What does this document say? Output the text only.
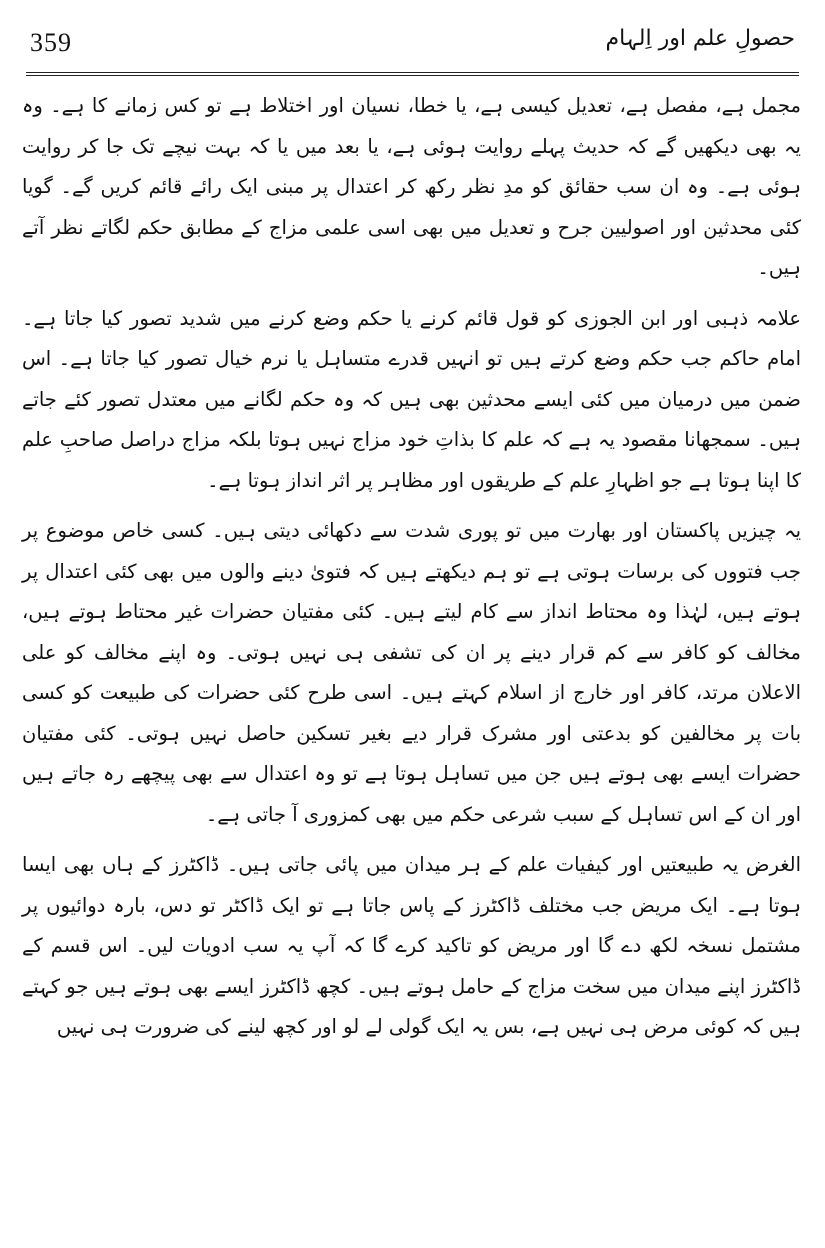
359	حصولِ علم اور اِلہام

مجمل ہے، مفصل ہے، تعدیل کیسی ہے، یا خطا، نسیان اور اختلاط ہے تو کس زمانے کا ہے۔ وہ یہ بھی دیکھیں گے کہ حدیث پہلے روایت ہوئی ہے، یا بعد میں یا کہ بہت نیچے تک جا کر روایت ہوئی ہے۔ وہ ان سب حقائق کو مدِ نظر رکھ کر اعتدال پر مبنی ایک رائے قائم کریں گے۔ گویا کئی محدثین اور اصولیین جرح و تعدیل میں بھی اسی علمی مزاج کے مطابق حکم لگاتے نظر آتے ہیں۔

علامہ ذہبی اور ابن الجوزی کو قول قائم کرنے یا حکم وضع کرنے میں شدید تصور کیا جاتا ہے۔ امام حاکم جب حکم وضع کرتے ہیں تو انہیں قدرے متساہل یا نرم خیال تصور کیا جاتا ہے۔ اس ضمن میں درمیان میں کئی ایسے محدثین بھی ہیں کہ وہ حکم لگانے میں معتدل تصور کئے جاتے ہیں۔ سمجھانا مقصود یہ ہے کہ علم کا بذاتِ خود مزاج نہیں ہوتا بلکہ مزاج دراصل صاحبِ علم کا اپنا ہوتا ہے جو اظہارِ علم کے طریقوں اور مظاہر پر اثر انداز ہوتا ہے۔

یہ چیزیں پاکستان اور بھارت میں تو پوری شدت سے دکھائی دیتی ہیں۔ کسی خاص موضوع پر جب فتووں کی برسات ہوتی ہے تو ہم دیکھتے ہیں کہ فتویٰ دینے والوں میں بھی کئی اعتدال پر ہوتے ہیں، لہٰذا وہ محتاط انداز سے کام لیتے ہیں۔ کئی مفتیان حضرات غیر محتاط ہوتے ہیں، مخالف کو کافر سے کم قرار دینے پر ان کی تشفی ہی نہیں ہوتی۔ وہ اپنے مخالف کو علی الاعلان مرتد، کافر اور خارج از اسلام کہتے ہیں۔ اسی طرح کئی حضرات کی طبیعت کو کسی بات پر مخالفین کو بدعتی اور مشرک قرار دیے بغیر تسکین حاصل نہیں ہوتی۔ کئی مفتیان حضرات ایسے بھی ہوتے ہیں جن میں تساہل ہوتا ہے تو وہ اعتدال سے بھی پیچھے رہ جاتے ہیں اور ان کے اس تساہل کے سبب شرعی حکم میں بھی کمزوری آ جاتی ہے۔

الغرض یہ طبیعتیں اور کیفیات علم کے ہر میدان میں پائی جاتی ہیں۔ ڈاکٹرز کے ہاں بھی ایسا ہوتا ہے۔ ایک مریض جب مختلف ڈاکٹرز کے پاس جاتا ہے تو ایک ڈاکٹر تو دس، بارہ دوائیوں پر مشتمل نسخہ لکھ دے گا اور مریض کو تاکید کرے گا کہ آپ یہ سب ادویات لیں۔ اس قسم کے ڈاکٹرز اپنے میدان میں سخت مزاج کے حامل ہوتے ہیں۔ کچھ ڈاکٹرز ایسے بھی ہوتے ہیں جو کہتے ہیں کہ کوئی مرض ہی نہیں ہے، بس یہ ایک گولی لے لو اور کچھ لینے کی ضرورت ہی نہیں
